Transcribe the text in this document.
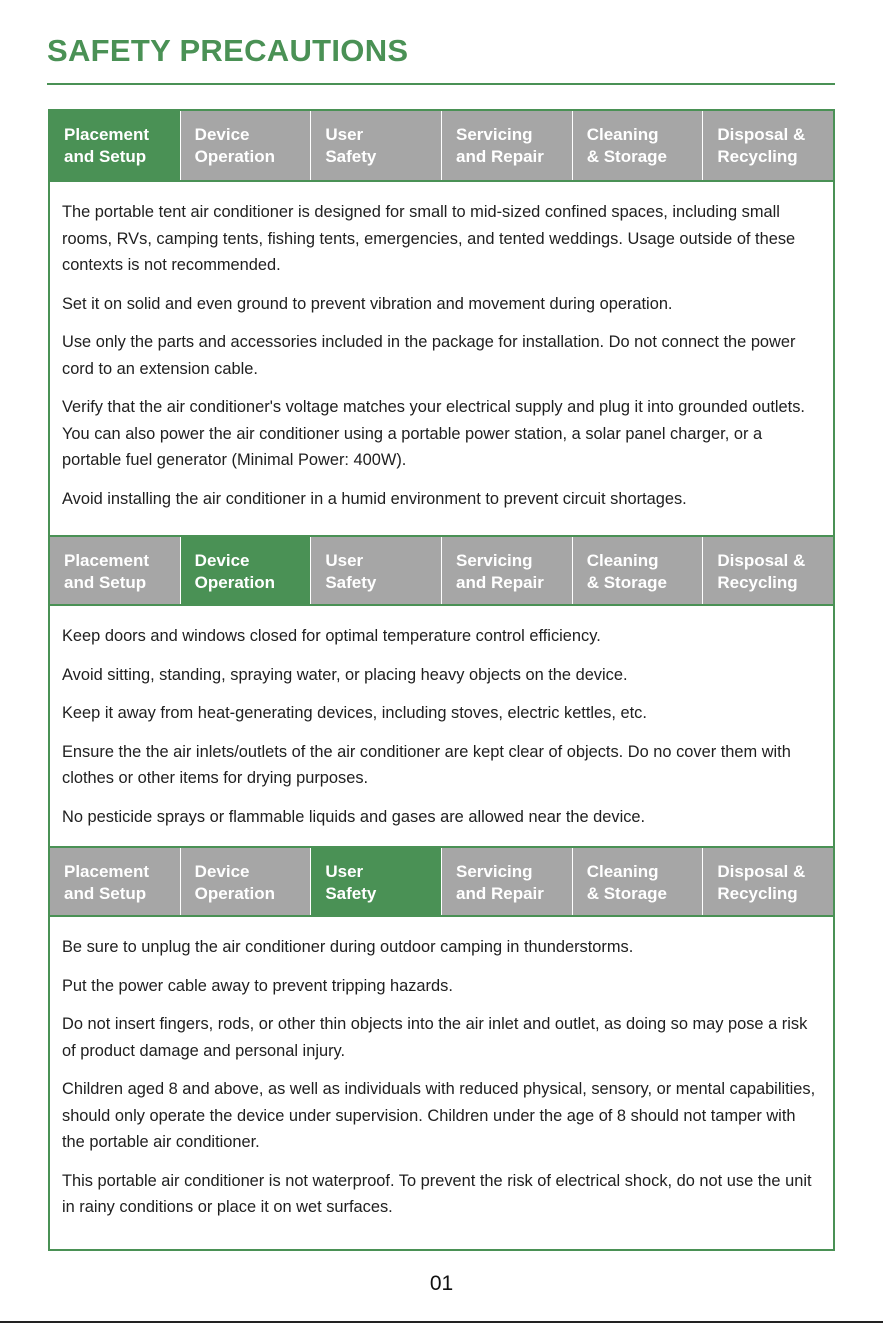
SAFETY PRECAUTIONS
Placement
and Setup
Device
Operation
User
Safety
Servicing
and Repair
Cleaning
& Storage
Disposal &
Recycling

The portable tent air conditioner is designed for small to mid-sized confined spaces, including small rooms, RVs, camping tents, fishing tents, emergencies, and tented weddings. Usage outside of these contexts is not recommended.

Set it on solid and even ground to prevent vibration and movement during operation.

Use only the parts and accessories included in the package for installation. Do not connect the power cord to an extension cable.

Verify that the air conditioner's voltage matches your electrical supply and plug it into grounded outlets. You can also power the air conditioner using a portable power station, a solar panel charger, or a portable fuel generator (Minimal Power: 400W).

Avoid installing the air conditioner in a humid environment to prevent circuit shortages.

Placement
and Setup
Device
Operation
User
Safety
Servicing
and Repair
Cleaning
& Storage
Disposal &
Recycling

Keep doors and windows closed for optimal temperature control efficiency.

Avoid sitting, standing, spraying water, or placing heavy objects on the device.

Keep it away from heat-generating devices, including stoves, electric kettles, etc.

Ensure the the air inlets/outlets of the air conditioner are kept clear of objects. Do no cover them with clothes or other items for drying purposes.

No pesticide sprays or flammable liquids and gases are allowed near the device.

Placement
and Setup
Device
Operation
User
Safety
Servicing
and Repair
Cleaning
& Storage
Disposal &
Recycling

Be sure to unplug the air conditioner during outdoor camping in thunderstorms.

Put the power cable away to prevent tripping hazards.

Do not insert fingers, rods, or other thin objects into the air inlet and outlet, as doing so may pose a risk of product damage and personal injury.

Children aged 8 and above, as well as individuals with reduced physical, sensory, or mental capabilities, should only operate the device under supervision. Children under the age of 8 should not tamper with the portable air conditioner.

This portable air conditioner is not waterproof. To prevent the risk of electrical shock, do not use the unit in rainy conditions or place it on wet surfaces.

01
